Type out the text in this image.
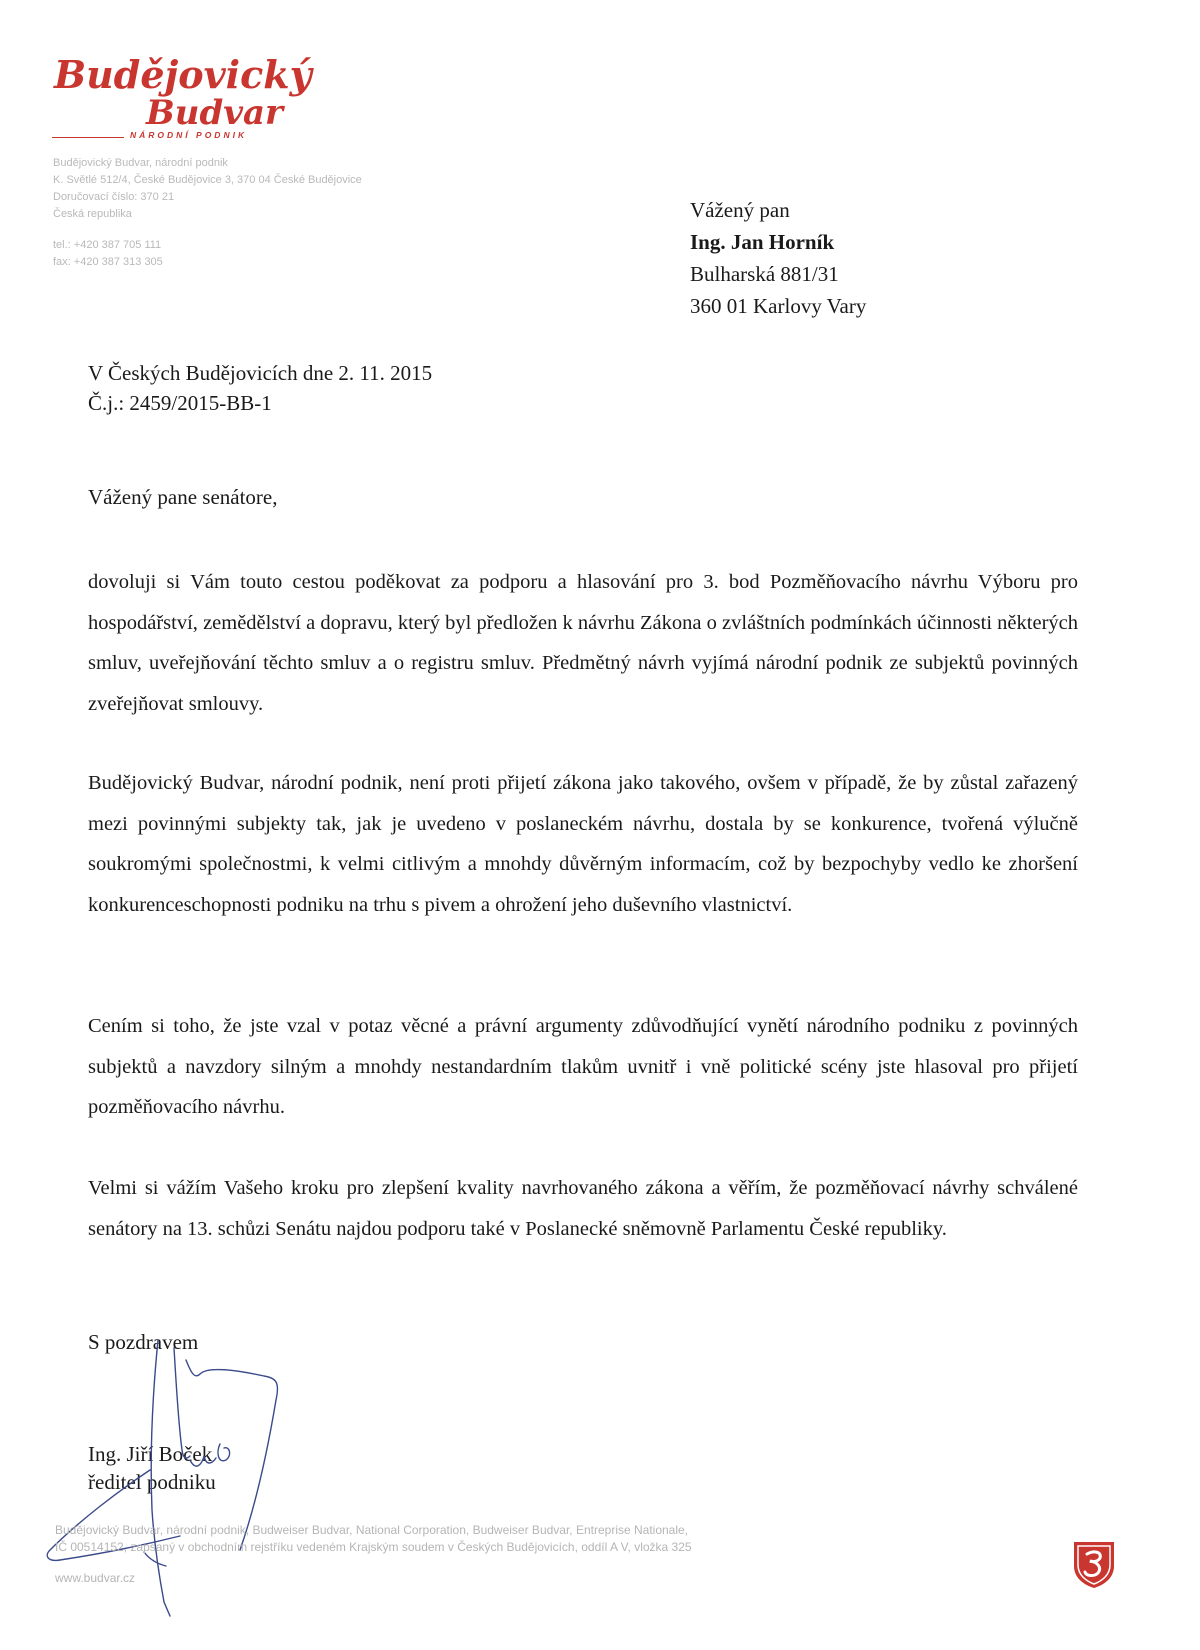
Budějovický
Budvar
NÁRODNÍ PODNIK
Budějovický Budvar, národní podnik
K. Světlé 512/4, České Budějovice 3, 370 04 České Budějovice
Doručovací číslo: 370 21
Česká republika
tel.: +420 387 705 111
fax: +420 387 313 305
Vážený pan
Ing. Jan Horník
Bulharská 881/31
360 01 Karlovy Vary
V Českých Budějovicích dne 2. 11. 2015
Č.j.: 2459/2015-BB-1
Vážený pane senátore,
dovoluji si Vám touto cestou poděkovat za podporu a hlasování pro 3. bod Pozměňovacího návrhu Výboru pro hospodářství, zemědělství a dopravu, který byl předložen k návrhu Zákona o zvláštních podmínkách účinnosti některých smluv, uveřejňování těchto smluv a o registru smluv. Předmětný návrh vyjímá národní podnik ze subjektů povinných zveřejňovat smlouvy.
Budějovický Budvar, národní podnik, není proti přijetí zákona jako takového, ovšem v případě, že by zůstal zařazený mezi povinnými subjekty tak, jak je uvedeno v poslaneckém návrhu, dostala by se konkurence, tvořená výlučně soukromými společnostmi, k velmi citlivým a mnohdy důvěrným informacím, což by bezpochyby vedlo ke zhoršení konkurenceschopnosti podniku na trhu s pivem a ohrožení jeho duševního vlastnictví.
Cením si toho, že jste vzal v potaz věcné a právní argumenty zdůvodňující vynětí národního podniku z povinných subjektů a navzdory silným a mnohdy nestandardním tlakům uvnitř i vně politické scény jste hlasoval pro přijetí pozměňovacího návrhu.
Velmi si vážím Vašeho kroku pro zlepšení kvality navrhovaného zákona a věřím, že pozměňovací návrhy schválené senátory na 13. schůzi Senátu najdou podporu také v Poslanecké sněmovně Parlamentu České republiky.
S pozdravem
Ing. Jiří Boček
ředitel podniku
Budějovický Budvar, národní podnik, Budweiser Budvar, National Corporation, Budweiser Budvar, Entreprise Nationale,
IČ 00514152, zapsaný v obchodním rejstříku vedeném Krajským soudem v Českých Budějovicích, oddíl A V, vložka 325
www.budvar.cz
